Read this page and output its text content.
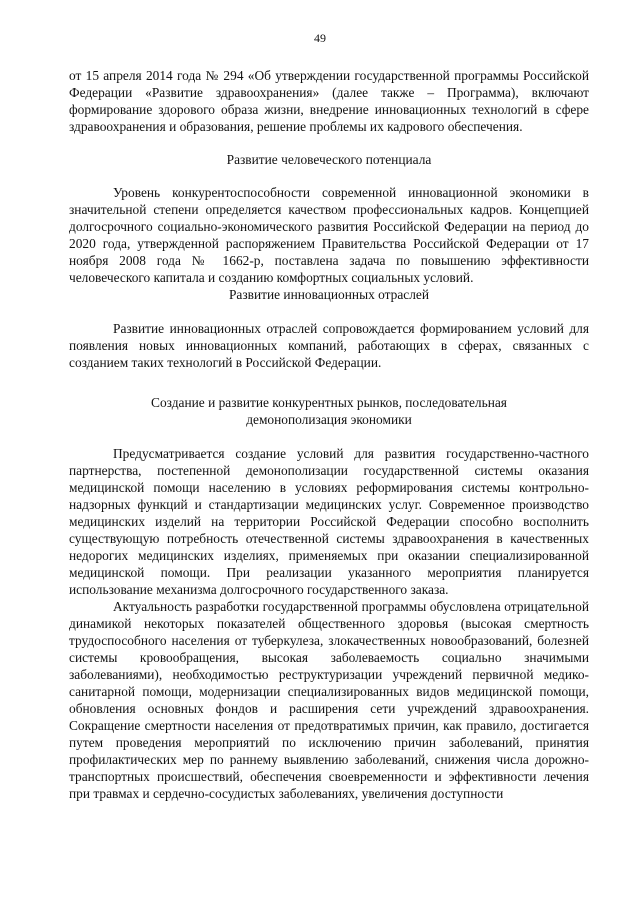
49

от 15 апреля 2014 года № 294 «Об утверждении государственной программы Российской Федерации «Развитие здравоохранения» (далее также – Программа), включают формирование здорового образа жизни, внедрение инновационных технологий в сфере здравоохранения и образования, решение проблемы их кадрового обеспечения.

Развитие человеческого потенциала

Уровень конкурентоспособности современной инновационной экономики в значительной степени определяется качеством профессиональных кадров. Концепцией долгосрочного социально-экономического развития Российской Федерации на период до 2020 года, утвержденной распоряжением Правительства Российской Федерации от 17 ноября 2008 года № 1662-р, поставлена задача по повышению эффективности человеческого капитала и созданию комфортных социальных условий.

Развитие инновационных отраслей

Развитие инновационных отраслей сопровождается формированием условий для появления новых инновационных компаний, работающих в сферах, связанных с созданием таких технологий в Российской Федерации.

Создание и развитие конкурентных рынков, последовательная

демонополизация экономики

Предусматривается создание условий для развития государственно-частного партнерства, постепенной демонополизации государственной системы оказания медицинской помощи населению в условиях реформирования системы контрольно-надзорных функций и стандартизации медицинских услуг. Современное производство медицинских изделий на территории Российской Федерации способно восполнить существующую потребность отечественной системы здравоохранения в качественных недорогих медицинских изделиях, применяемых при оказании специализированной медицинской помощи. При реализации указанного мероприятия планируется использование механизма долгосрочного государственного заказа.

Актуальность разработки государственной программы обусловлена отрицательной динамикой некоторых показателей общественного здоровья (высокая смертность трудоспособного населения от туберкулеза, злокачественных новообразований, болезней системы кровообращения, высокая заболеваемость социально значимыми заболеваниями), необходимостью реструктуризации учреждений первичной медико-санитарной помощи, модернизации специализированных видов медицинской помощи, обновления основных фондов и расширения сети учреждений здравоохранения. Сокращение смертности населения от предотвратимых причин, как правило, достигается путем проведения мероприятий по исключению причин заболеваний, принятия профилактических мер по раннему выявлению заболеваний, снижения числа дорожно-транспортных происшествий, обеспечения своевременности и эффективности лечения при травмах и сердечно-сосудистых заболеваниях, увеличения доступности
